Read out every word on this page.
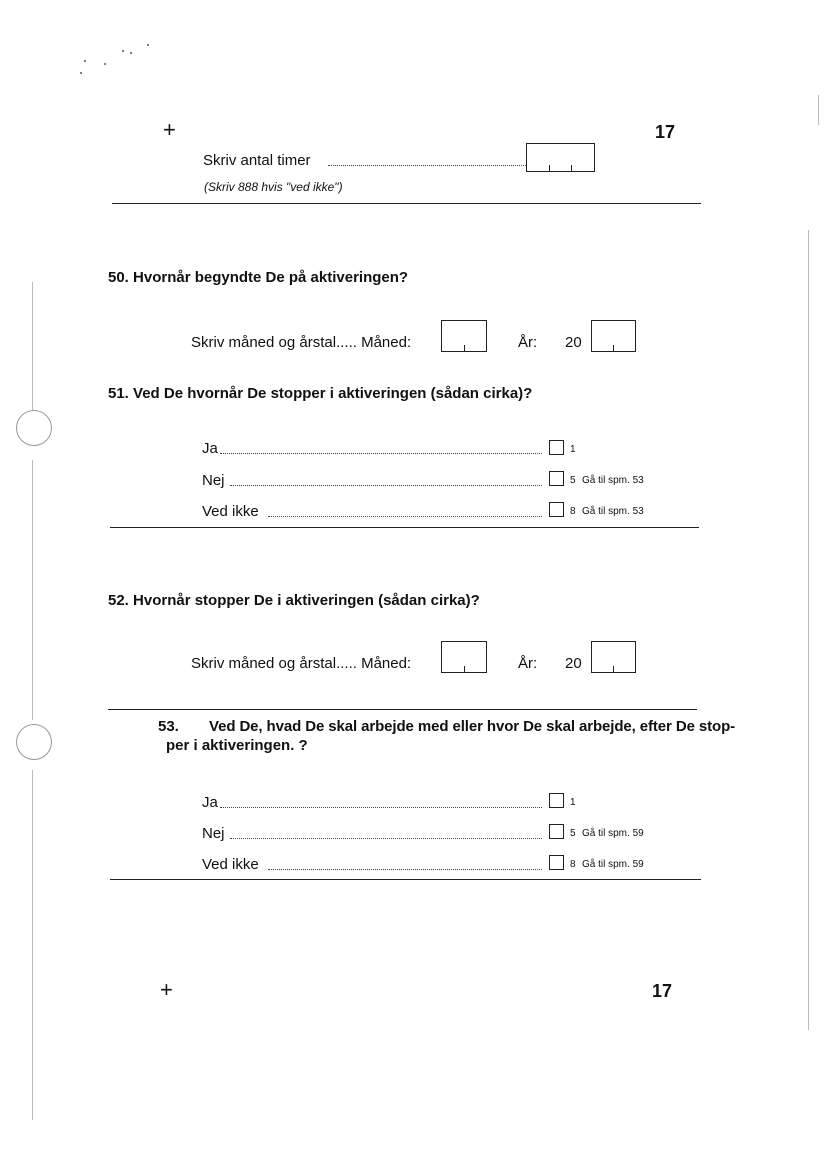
+	17
Skriv antal timer
(Skriv 888 hvis "ved ikke")
50. Hvornår begyndte De på aktiveringen?
Skriv måned og årstal..... Måned:	År: 20
51. Ved De hvornår De stopper i aktiveringen (sådan cirka)?
Ja	1
Nej	5 Gå til spm. 53
Ved ikke	8 Gå til spm. 53
52. Hvornår stopper De i aktiveringen (sådan cirka)?
Skriv måned og årstal..... Måned:	År: 20
53. Ved De, hvad De skal arbejde med eller hvor De skal arbejde, efter De stop-
per i aktiveringen. ?
Ja	1
Nej	5 Gå til spm. 59
Ved ikke	8 Gå til spm. 59
+	17
